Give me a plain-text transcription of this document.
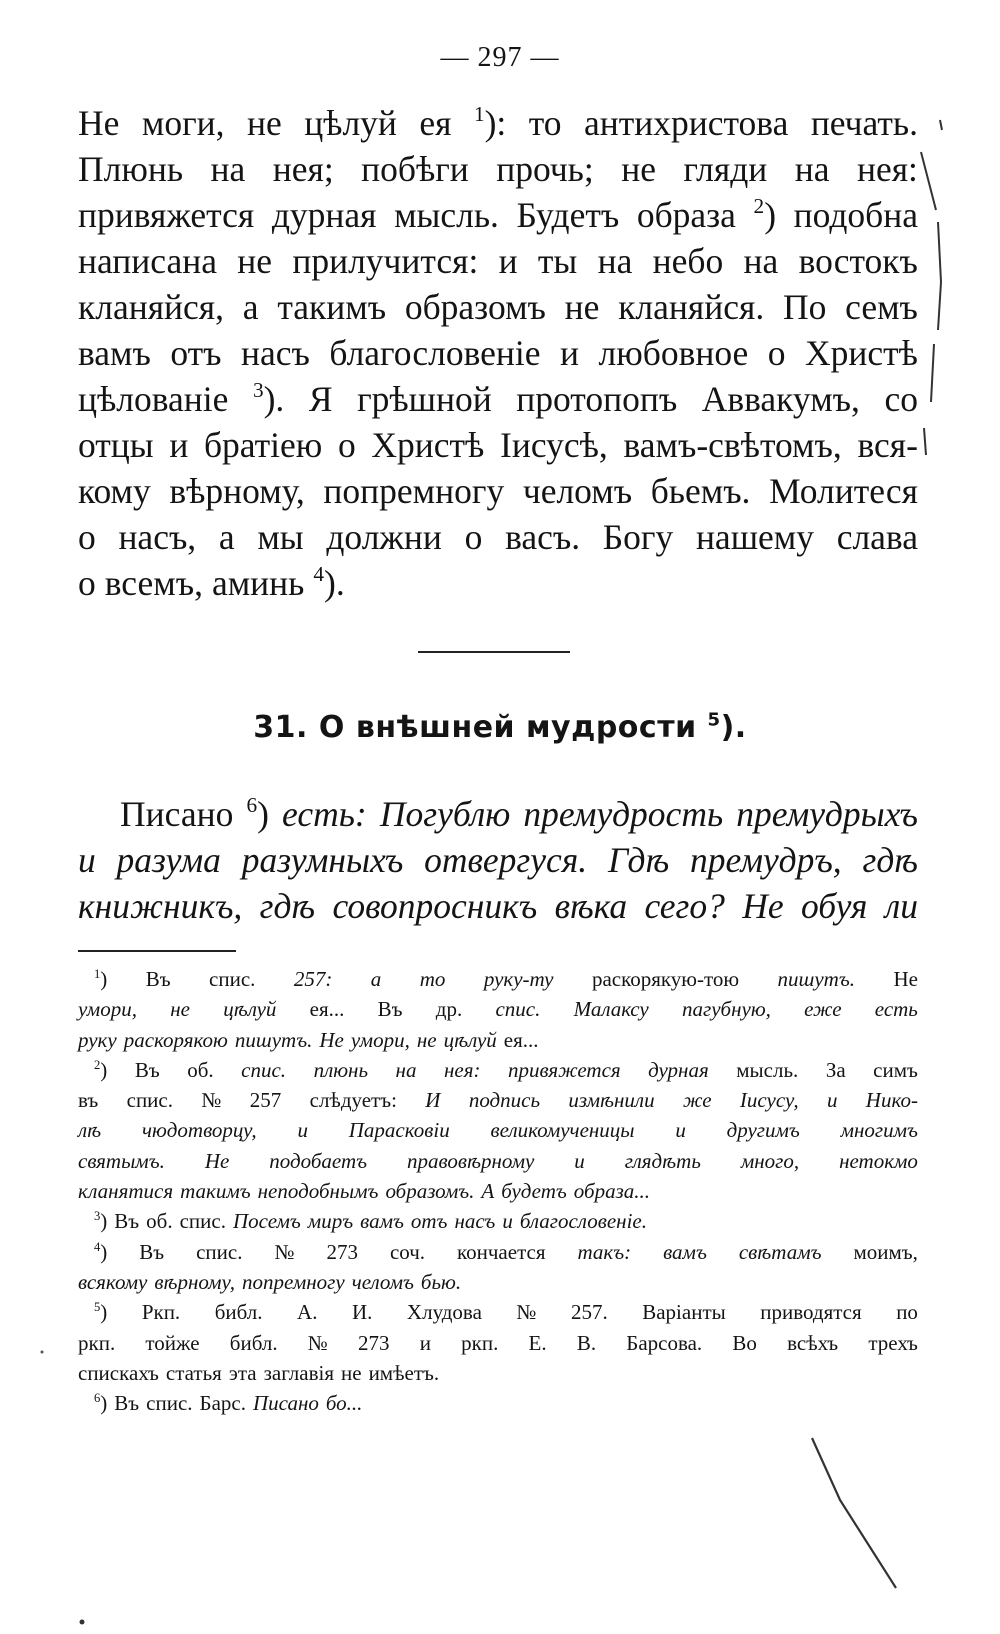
— 297 —
Не моги, не цѣлуй ея $^1$): то антихристова печать.
Плюнь на нея; побѣги прочь; не гляди на нея:
привяжется дурная мысль. Будетъ образа $^2$) подобна
написана не прилучится: и ты на небо на востокъ
кланяйся, а такимъ образомъ не кланяйся. По семъ
вамъ отъ насъ благословеніе и любовное о Христѣ
цѣлованіе $^3$). Я грѣшной протопопъ Аввакумъ, со
отцы и братіею о Христѣ Іисусѣ, вамъ-свѣтомъ, вся-
кому вѣрному, попремногу челомъ бьемъ. Молитеся
о насъ, а мы должни о васъ. Богу нашему слава
о всемъ, аминь $^4$).
31. О внѣшней мудрости $^5$).
Писано $^6$) есть: Погублю премудрость премудрыхъ
и разума разумныхъ отвергуся. Гдѣ премудръ, гдѣ
книжникъ, гдѣ совопросникъ вѣка сего? Не обуя ли
$^1$) Въ спис. 257: а то руку-ту раскорякую-тою пишутъ. Не
умори, не цѣлуй ея... Въ др. спис. Малаксу пагубную, еже есть
руку раскорякою пишутъ. Не умори, не цѣлуй ея...
$^2$) Въ об. спис. плюнь на нея: привяжется дурная мысль. За симъ
въ спис. № 257 слѣдуетъ: И подпись измѣнили же Іисусу, и Нико-
лѣ чюдотворцу, и Парасковіи великомученицы и другимъ многимъ
святымъ. Не подобаетъ правовѣрному и глядѣть много, нетокмо
кланятися такимъ неподобнымъ образомъ. А будетъ образа...
$^3$) Въ об. спис. Посемъ миръ вамъ отъ насъ и благословеніе.
$^4$) Въ спис. № 273 соч. кончается такъ: вамъ свѣтамъ моимъ,
всякому вѣрному, попремногу челомъ бью.
$^5$) Ркп. библ. А. И. Хлудова № 257. Варіанты приводятся по
ркп. тойже библ. № 273 и ркп. Е. В. Барсова. Во всѣхъ трехъ
спискахъ статья эта заглавія не имѣетъ.
$^6$) Въ спис. Барс. Писано бо...
